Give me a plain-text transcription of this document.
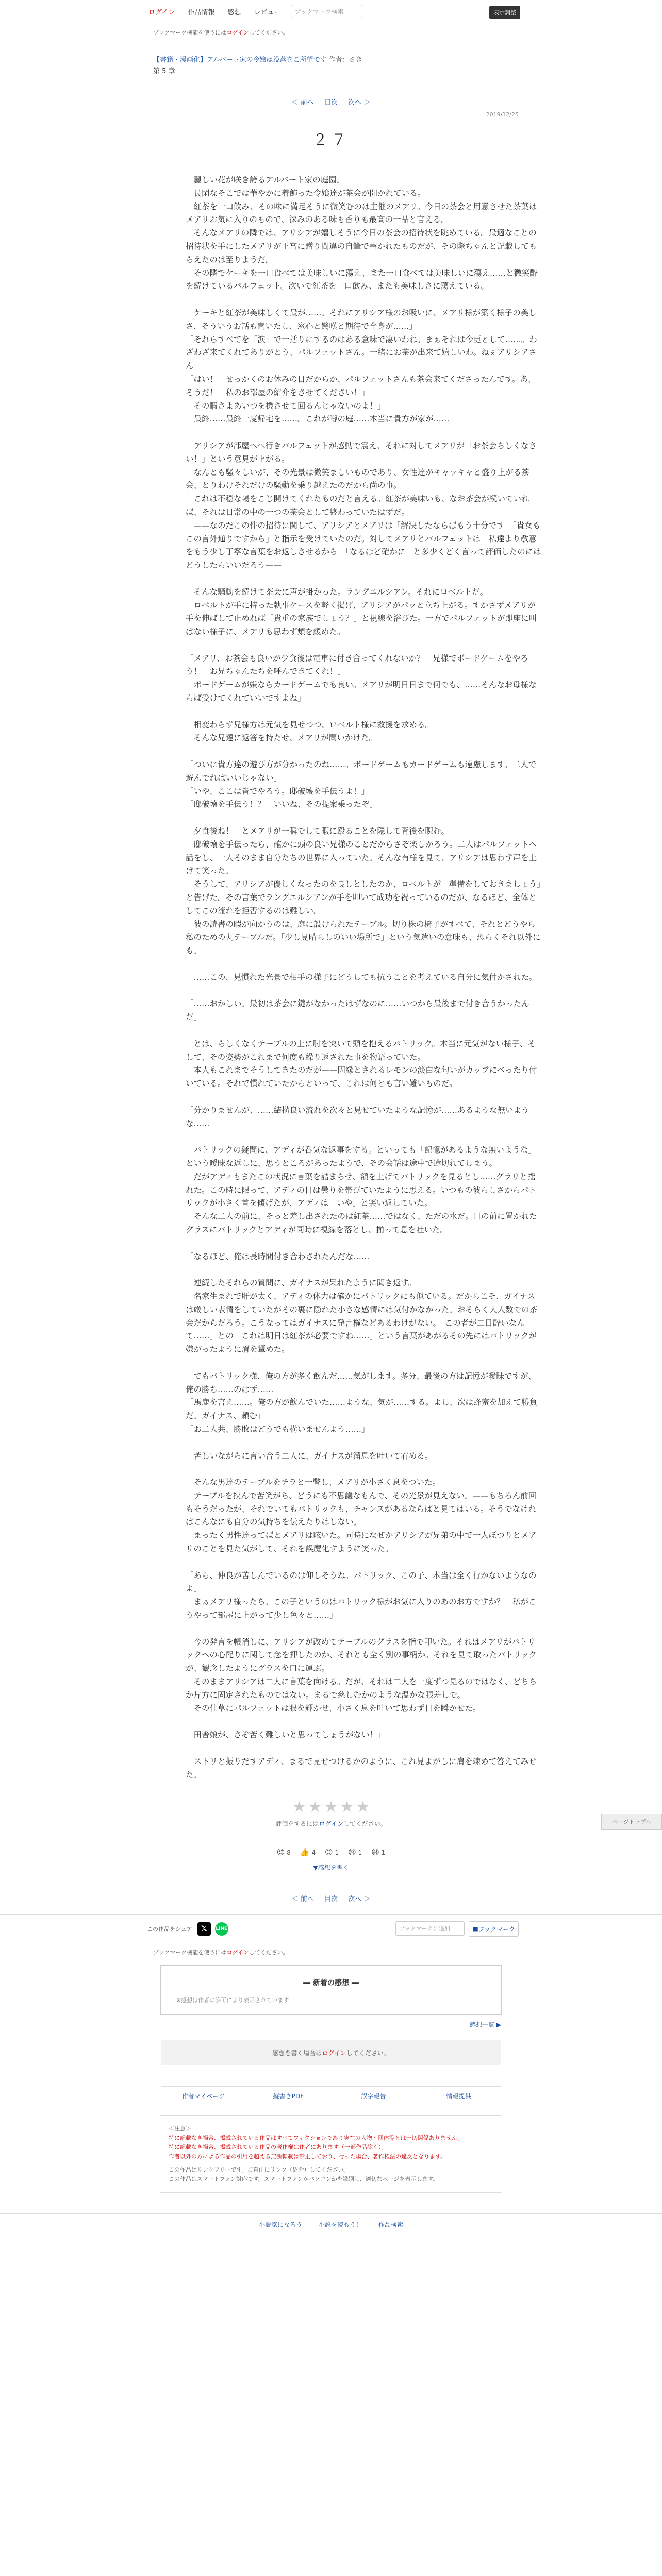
ログイン	作品情報	感想	レビュー	ブックマーク検索	表示調整
ブックマーク機能を使うにはログインしてください。
【書籍・漫画化】アルバート家の令嬢は没落をご所望です 作者：さき
第 5 章
＜ 前へ 目次 次へ ＞
2019/12/25
２７
　麗しい花が咲き誇るアルバート家の庭園。
　長閑なそこでは華やかに着飾った令嬢達が茶会が開かれている。
　紅茶を一口飲み、その味に満足そうに微笑むのは主催のメアリ。今日の茶会と用意させた茶葉はメアリお気に入りのもので、深みのある味も香りも最高の一品と言える。
　そんなメアリの隣では、アリシアが嬉しそうに今日の茶会の招待状を眺めている。最適なことの招待状を手にしたメアリが王宮に贈り間違の自筆で書かれたものだが、その際ちゃんと記載してもらえたのは至りようだ。
　その隣でケーキを一口食べては美味しいに蕩え、また一口食べては美味しいに蕩え……と微笑酔を続けているパルフェット。次いで紅茶を一口飲み、またも美味しさに蕩えている。

「ケーキと紅茶が美味しくて最が……。それにアリシア様のお吸いに、メアリ様が築く様子の美しさ、そういうお話も聞いたし、窓心と驚嘆と期待で全身が……」
「それらすべてを「涙」で一括りにするのはある意味で凄いわね。まぁそれは今更として……。わざわざ来てくれてありがとう、パルフェットさん。一緒にお茶が出来て嬉しいわ。ねぇアリシアさん」
「はい！　せっかくのお休みの日だからか、パルフェットさんも茶会来てくださったんです。あ、そうだ！　私のお部屋の紹介をさせてください！」
「その暇さよあいつを機させて回るんじゃないのよ！」
「最終……最終一度帰宅を……。これが噂の庭……本当に貴方が家が……」

　アリシアが部屋へへ行きパルフェットが感動で震え、それに対してメアリが「お茶会らしくなさい！」という意見が上がる。
　なんとも騒々しいが、その光景は微笑ましいものであり、女性達がキャッキャと盛り上がる茶会、とりわけそれだけの騒動を乗り越えたのだから尚の事。
　これは不穏な場をこじ開けてくれたものだと言える。紅茶が美味いも、なお茶会が続いていれば、それは日常の中の一つの茶会として終わっていたはずだ。
　——なのだこの件の招待に関して、アリシアとメアリは「解決したならばもう十分です」「貴女もこの言外通りですから」と指示を受けていたのだ。対してメアリとパルフェットは「私達より敬意をもう少し丁寧な言葉をお返しさせるから」「なるほど確かに」と多少くどく言って評価したのにはどうしたらいいだろう——

　そんな騒動を続けて茶会に声が掛かった。ラングエルシアン。それにロベルトだ。
　ロベルトが手に持った執事ケースを軽く掲げ、アリシアがパッと立ち上がる。すかさずメアリが手を伸ばして止めれば「貴重の家族でしょう？」と視線を浴びた。一方でパルフェットが即座に叫ばない様子に、メアリも思わず頬を緩めた。

「メアリ、お茶会も良いが少食後は電車に付き合ってくれないか？　兄様でボードゲームをやろう！　お兄ちゃんたちを呼んできてくれ！」
「ボードゲームが嫌ならカードゲームでも良い。メアリが明日日まで何でも、……そんなお母様ならば受けてくれていいですよね」

　相変わらず兄様方は元気を見せつつ、ロベルト様に救援を求める。
　そんな兄達に返答を持たせ、メアリが問いかけた。

「ついに貴方達の遊び方が分かったのね……。ボードゲームもカードゲームも遠慮します。二人で遊んでればいいじゃない」
「いや、ここは皆でやろう。邸破壊を手伝うよ！」
「邸破壊を手伝う！？　いいね、その提案乗ったぞ」

　夕食後ね！　とメアリが一瞬でして暇に殴ることを隠して背後を睨む。
　邸破壊を手伝ったら、確かに頭の良い兄様のことだからさぞ楽しかろう。二人はパルフェットへ話をし、一人そのまま自分たちの世界に入っていた。そんな有様を見て、アリシアは思わず声を上げて笑った。
　そうして、アリシアが優しくなったのを良しとしたのか、ロベルトが「準備をしておきましょう」と告げた。その言葉でラングエルシアンが手を叩いて成功を祝っているのだが、なるほど、全体としてこの流れを拒否するのは難しい。
　彼の読書の暇が向かうのは、庭に設けられたテーブル。切り株の椅子がすべて、それとどうやら私のための丸テーブルだ。「少し見晴らしのいい場所で」という気遣いの意味も、恐らくそれ以外にも。

　……この、見慣れた光景で相手の様子にどうしても抗うことを考えている自分に気付かされた。

「……おかしい。最初は茶会に鍵がなかったはずなのに……いつから最後まで付き合うかったんだ」

　とは、らしくなくテーブルの上に肘を突いて頭を抱えるパトリック。本当に元気がない様子、そして、その姿勢がこれまで何度も繰り返された事を物語っていた。
　本人もこれまでそうしてきたのだが——因縁とされるレモンの淡白な匂いがカップにべったり付いている。それで慣れていたからといって、これは何とも言い難いものだ。

「分かりませんが、……結構良い流れを次々と見せていたような記憶が……あるような無いような……」

　パトリックの疑問に、アディが呑気な返事をする。といっても「記憶があるような無いような」という曖昧な返しに、思うところがあったようで、その会話は途中で途切れてしまう。
　だがアディもまたこの状況に言葉を詰まらせ、額を上げてパトリックを見るとし……グラリと揺れた。この時に限って、アディの目は曇りを帯びていたように思える。いつもの彼らしさからパトリックが小さく首を傾げたが、アディは「いや」と笑い返していた。
　そんな二人の前に、そっと差し出されたのは紅茶……ではなく、ただの水だ。目の前に置かれたグラスにパトリックとアディが同時に視線を落とし、揃って息を吐いた。

「なるほど、俺は長時間付き合わされたんだな……」

　連続したそれらの質問に、ガイナスが呆れたように聞き返す。
　名家生まれで肝が太く、アディの体力は確かにパトリックにも似ている。だからこそ、ガイナスは厳しい表情をしていたがその裏に隠れた小さな感情には気付かなかった。おそらく大人数での茶会だからだろう。こうなってはガイナスに発言権などあるわけがない。「この者が二日酔いなんて……」との「これは明日は紅茶が必要ですね……」という言葉があがるその先にはパトリックが嫌がったように眉を顰めた。

「でもパトリック様、俺の方が多く飲んだ……気がします。多分、最後の方は記憶が曖昧ですが、俺の勝ち……のはず……」
「馬鹿を言え……。俺の方が飲んでいた……ような、気が……する。よし、次は蜂蜜を加えて勝負だ。ガイナス、頼む」
「お二人共、勝敗はどうでも構いませんよう……」

　苦しいながらに言い合う二人に、ガイナスが溜息を吐いて宥める。

　そんな男達のテーブルをチラと一瞥し、メアリが小さく息をついた。
　テーブルを挟んで苦笑がち、どうにも不思議なもんで、その光景が見えない。——もちろん前回もそうだったが、それでいてもパトリックも、チャンスがあるならばと見てはいる。そうでなければこんなにも自分の気持ちを伝えたりはしない。
　まったく男性達ってばとメアリは呟いた。同時になぜかアリシアが兄弟の中で一人ぽつりとメアリのことを見た気がして、それを誤魔化すように笑った。

「あら、仲良が苦しんでいるのは仰しそうね。パトリック、この子、本当は全く行かないようなのよ」
「まぁメアリ様ったら。この子というのはパトリック様がお気に入りのあのお方ですか？　私がこうやって部屋に上がって少し色々と……」

　今の発言を帳消しに、アリシアが改めてテーブルのグラスを指で叩いた。それはメアリがパトリックへの心配りに関して念を押したのか、それとも全く別の事柄か。それを見て取ったパトリックが、観念したようにグラスを口に運ぶ。
　そのままアリシアは二人に言葉を向ける。だが、それは二人を一度ずつ見るのではなく、どちらか片方に固定されたものではない。まるで慈しむかのような温かな眼差しで。
　その仕草にパルフェットは眼を輝かせ、小さく息を吐いて思わず目を瞬かせた。

「田舎娘が、さぞ苦く難しいと思ってしょうがない！」

　ストリと振りだすアディ、まるで見せつけるかのように、これ見よがしに肩を竦めて答えてみせた。
★ ★ ★ ★ ★
評価をするにはログインしてください。
😍 8 👍 4 😊 1 😢 1 😆 1
▼感想を書く
＜ 前へ 目次 次へ ＞
この作品をシェア	𝕏	LINE	ブックマークに追加	■ ブックマーク
ブックマーク機能を使うにはログインしてください。
― 新着の感想 ―
※感想は作者の許可により表示されています
感想一覧 ▶
感想を書く場合はログインしてください。
作者マイページ	縦書きPDF	誤字報告	情報提供
＜注意＞
特に記載なき場合、掲載されている作品はすべてフィクションであり実在の人物・団体等とは一切関係ありません。
特に記載なき場合、掲載されている作品の著作権は作者にあります（一部作品除く）。
作者以外の方による作品の引用を超える無断転載は禁止しており、行った場合、著作権法の違反となります。
この作品はリンクフリーです。ご自由にリンク（紹介）してください。
この作品はスマートフォン対応です。スマートフォンかパソコンかを識別し、適切なページを表示します。
小説家になろう	小説を読もう！	作品検索
ページトップへ
